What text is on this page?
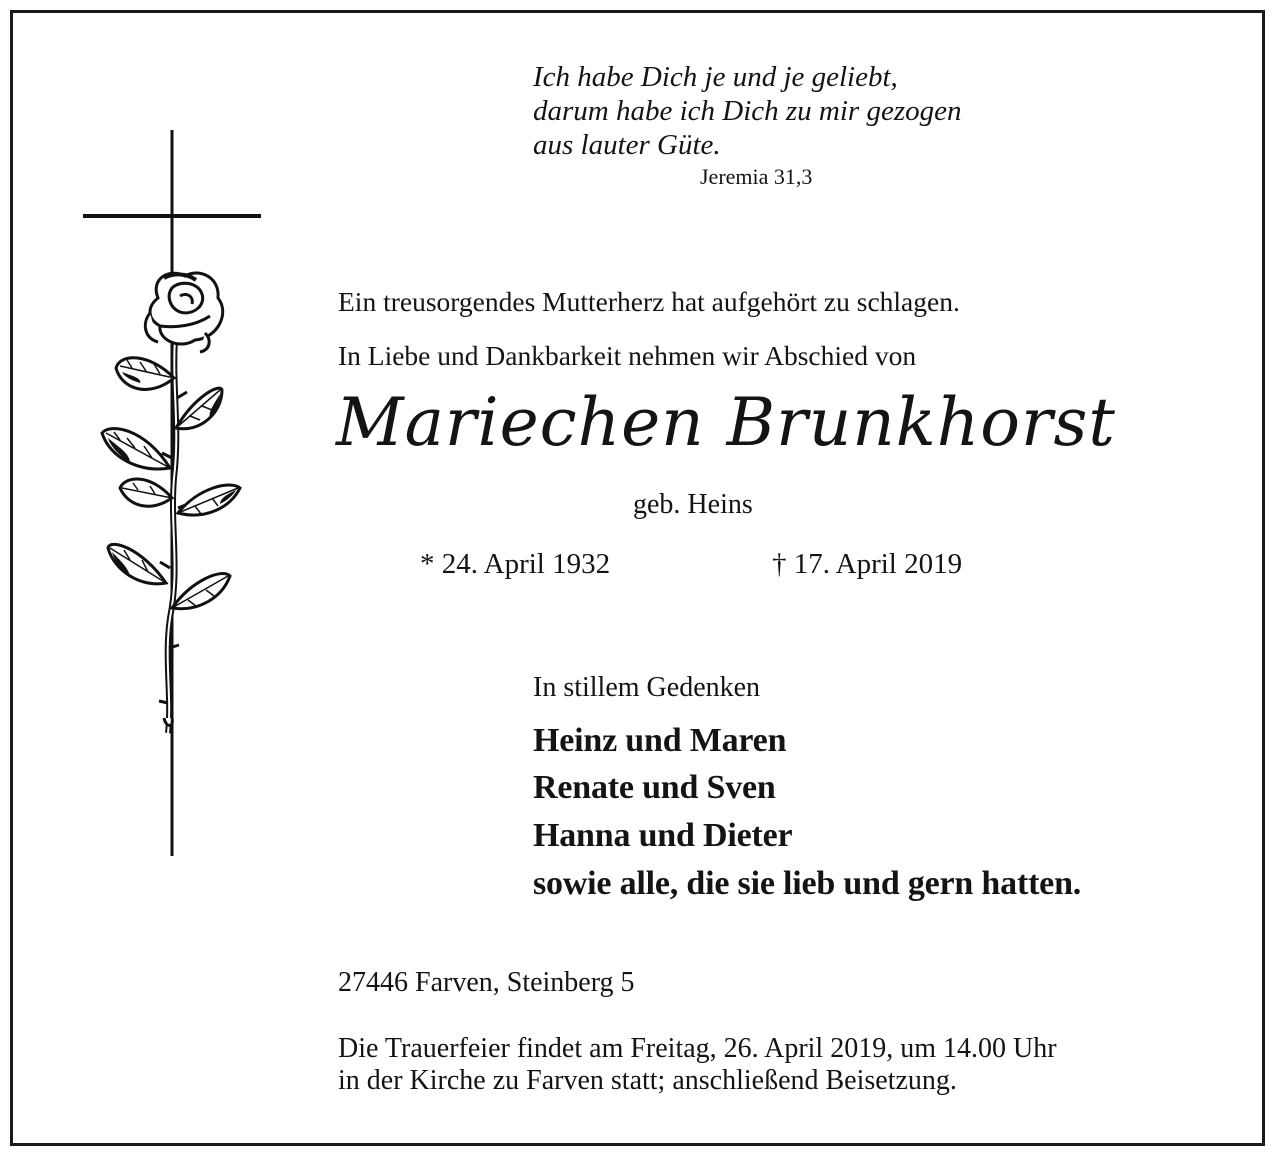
Ich habe Dich je und je geliebt,
darum habe ich Dich zu mir gezogen
aus lauter Güte.
Jeremia 31,3
Ein treusorgendes Mutterherz hat aufgehört zu schlagen.
In Liebe und Dankbarkeit nehmen wir Abschied von
Mariechen Brunkhorst
geb. Heins
* 24. April 1932	† 17. April 2019
In stillem Gedenken
Heinz und Maren
Renate und Sven
Hanna und Dieter
sowie alle, die sie lieb und gern hatten.
27446 Farven, Steinberg 5
Die Trauerfeier findet am Freitag, 26. April 2019, um 14.00 Uhr
in der Kirche zu Farven statt; anschließend Beisetzung.
